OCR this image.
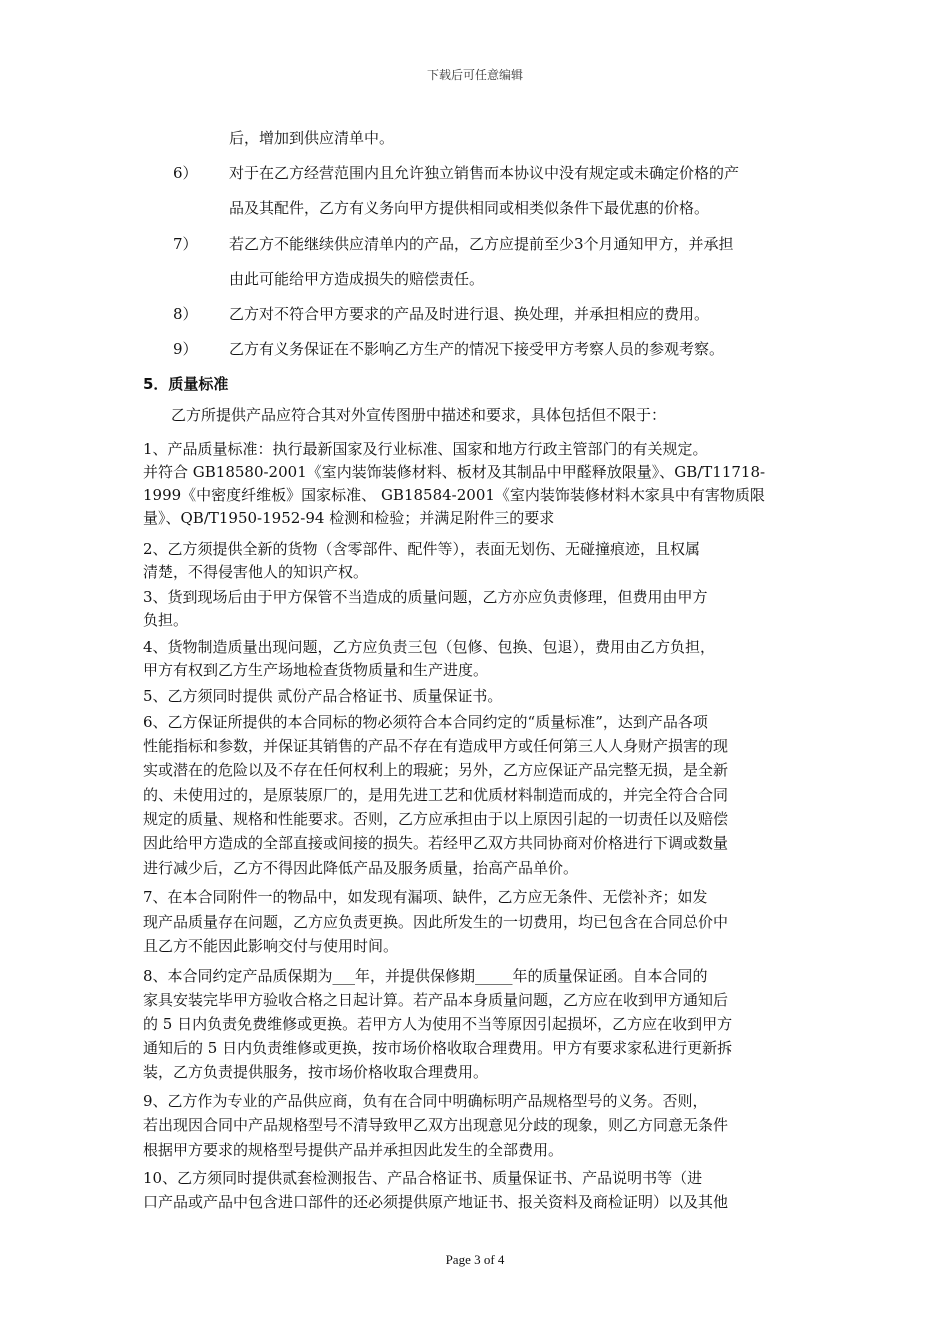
下载后可任意编辑
后，增加到供应清单中。
6） 对于在乙方经营范围内且允许独立销售而本协议中没有规定或未确定价格的产
品及其配件，乙方有义务向甲方提供相同或相类似条件下最优惠的价格。
7） 若乙方不能继续供应清单内的产品，乙方应提前至少3个月通知甲方，并承担
由此可能给甲方造成损失的赔偿责任。
8） 乙方对不符合甲方要求的产品及时进行退、换处理，并承担相应的费用。
9） 乙方有义务保证在不影响乙方生产的情况下接受甲方考察人员的参观考察。
5．质量标准
乙方所提供产品应符合其对外宣传图册中描述和要求，具体包括但不限于：
1、产品质量标准：执行最新国家及行业标准、国家和地方行政主管部门的有关规定。
并符合 GB18580-2001《室内装饰装修材料、板材及其制品中甲醛释放限量》、GB/T11718-
1999《中密度纤维板》国家标准、 GB18584-2001《室内装饰装修材料木家具中有害物质限
量》、QB/T1950-1952-94 检测和检验；并满足附件三的要求
2、乙方须提供全新的货物（含零部件、配件等），表面无划伤、无碰撞痕迹，且权属
清楚，不得侵害他人的知识产权。
3、货到现场后由于甲方保管不当造成的质量问题，乙方亦应负责修理，但费用由甲方
负担。
4、货物制造质量出现问题，乙方应负责三包（包修、包换、包退），费用由乙方负担，
甲方有权到乙方生产场地检查货物质量和生产进度。
5、乙方须同时提供 贰份产品合格证书、质量保证书。
6、乙方保证所提供的本合同标的物必须符合本合同约定的“质量标准”，达到产品各项
性能指标和参数，并保证其销售的产品不存在有造成甲方或任何第三人人身财产损害的现
实或潜在的危险以及不存在任何权利上的瑕疵；另外，乙方应保证产品完整无损，是全新
的、未使用过的，是原装原厂的，是用先进工艺和优质材料制造而成的，并完全符合合同
规定的质量、规格和性能要求。否则，乙方应承担由于以上原因引起的一切责任以及赔偿
因此给甲方造成的全部直接或间接的损失。若经甲乙双方共同协商对价格进行下调或数量
进行减少后，乙方不得因此降低产品及服务质量，抬高产品单价。
7、在本合同附件一的物品中，如发现有漏项、缺件，乙方应无条件、无偿补齐；如发
现产品质量存在问题，乙方应负责更换。因此所发生的一切费用，均已包含在合同总价中
且乙方不能因此影响交付与使用时间。
8、本合同约定产品质保期为___年，并提供保修期_____年的质量保证函。自本合同的
家具安装完毕甲方验收合格之日起计算。若产品本身质量问题，乙方应在收到甲方通知后
的 5 日内负责免费维修或更换。若甲方人为使用不当等原因引起损坏，乙方应在收到甲方
通知后的 5 日内负责维修或更换，按市场价格收取合理费用。甲方有要求家私进行更新拆
装，乙方负责提供服务，按市场价格收取合理费用。
9、乙方作为专业的产品供应商，负有在合同中明确标明产品规格型号的义务。否则，
若出现因合同中产品规格型号不清导致甲乙双方出现意见分歧的现象，则乙方同意无条件
根据甲方要求的规格型号提供产品并承担因此发生的全部费用。
10、乙方须同时提供贰套检测报告、产品合格证书、质量保证书、产品说明书等（进
口产品或产品中包含进口部件的还必须提供原产地证书、报关资料及商检证明）以及其他
Page 3 of 4
